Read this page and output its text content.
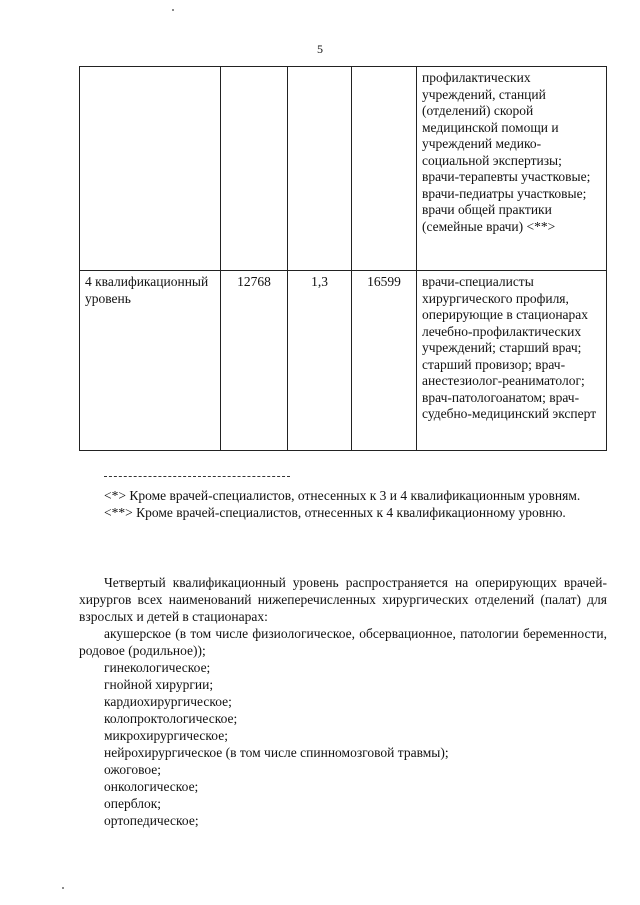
5
				профилактических учреждений, станций (отделений) скорой медицинской помощи и учреждений медико-социальной экспертизы; врачи-терапевты участковые; врачи-педиатры участковые; врачи общей практики (семейные врачи) <**>
4 квалификационный уровень	12768	1,3	16599	врачи-специалисты хирургического профиля, оперирующие в стационарах лечебно-профилактических учреждений; старший врач; старший провизор; врач-анестезиолог-реаниматолог; врач-патологоанатом; врач-судебно-медицинский эксперт
<*> Кроме врачей-специалистов, отнесенных к 3 и 4 квалификационным уровням.
<**> Кроме врачей-специалистов, отнесенных к 4 квалификационному уровню.
Четвертый квалификационный уровень распространяется на оперирующих врачей-хирургов всех наименований нижеперечисленных хирургических отделений (палат) для взрослых и детей в стационарах:
акушерское (в том числе физиологическое, обсервационное, патологии беременности, родовое (родильное));
гинекологическое;
гнойной хирургии;
кардиохирургическое;
колопроктологическое;
микрохирургическое;
нейрохирургическое (в том числе спинномозговой травмы);
ожоговое;
онкологическое;
оперблок;
ортопедическое;
